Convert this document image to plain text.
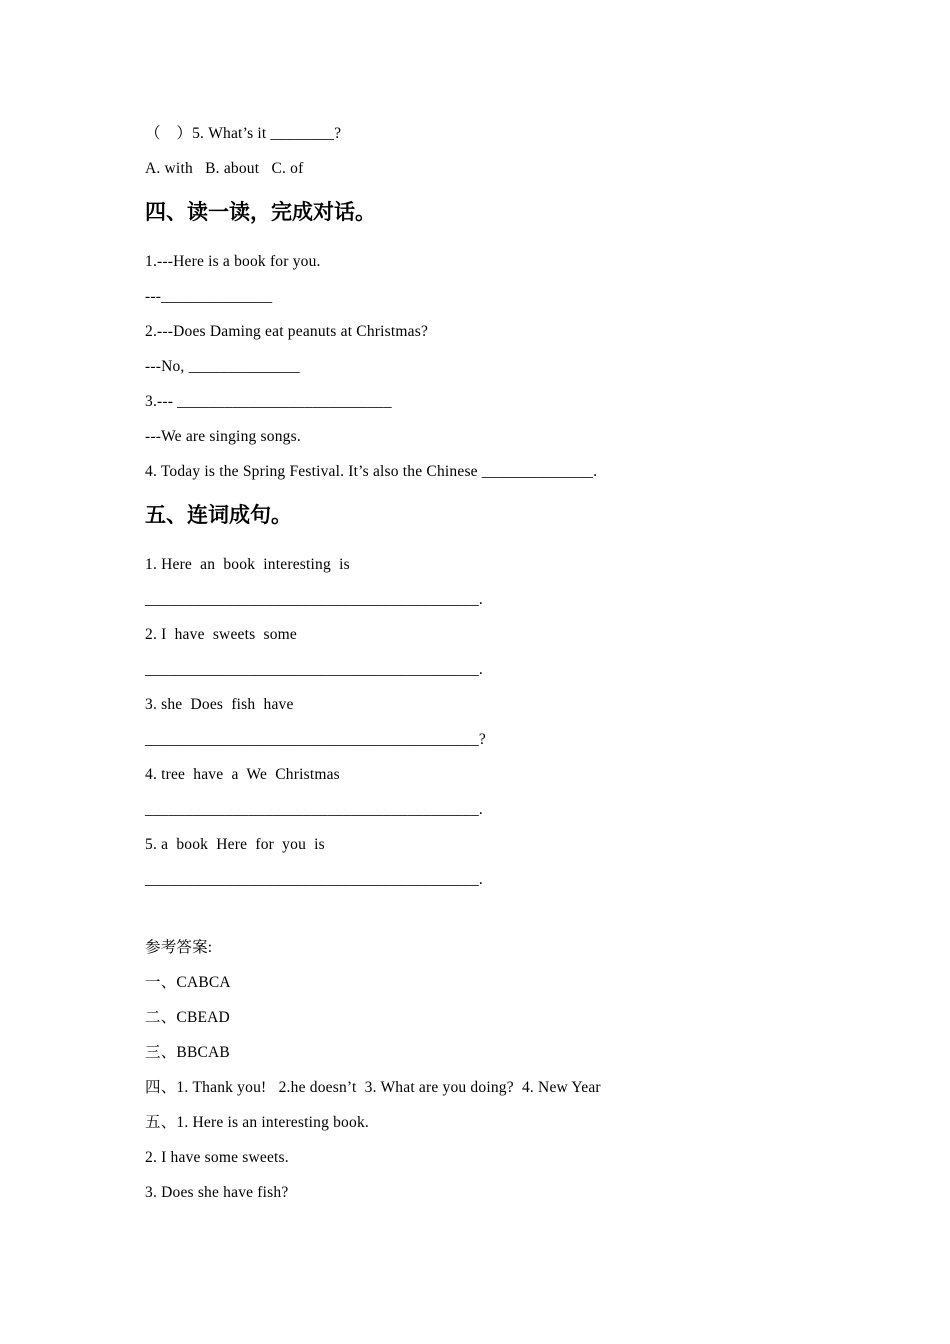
（　）5. What’s it ________?

A. with   B. about   C. of

四、读一读，完成对话。

1.---Here is a book for you.

---______________

2.---Does Daming eat peanuts at Christmas?

---No, ______________

3.--- ___________________________

---We are singing songs.

4. Today is the Spring Festival. It’s also the Chinese ______________.

五、连词成句。

1. Here  an  book  interesting  is

__________________________________________.

2. I  have  sweets  some

__________________________________________.

3. she  Does  fish  have

__________________________________________?

4. tree  have  a  We  Christmas

__________________________________________.

5. a  book  Here  for  you  is

__________________________________________.

参考答案:

一、CABCA

二、CBEAD

三、BBCAB

四、1. Thank you!   2.he doesn’t  3. What are you doing?  4. New Year

五、1. Here is an interesting book.

2. I have some sweets.

3. Does she have fish?
